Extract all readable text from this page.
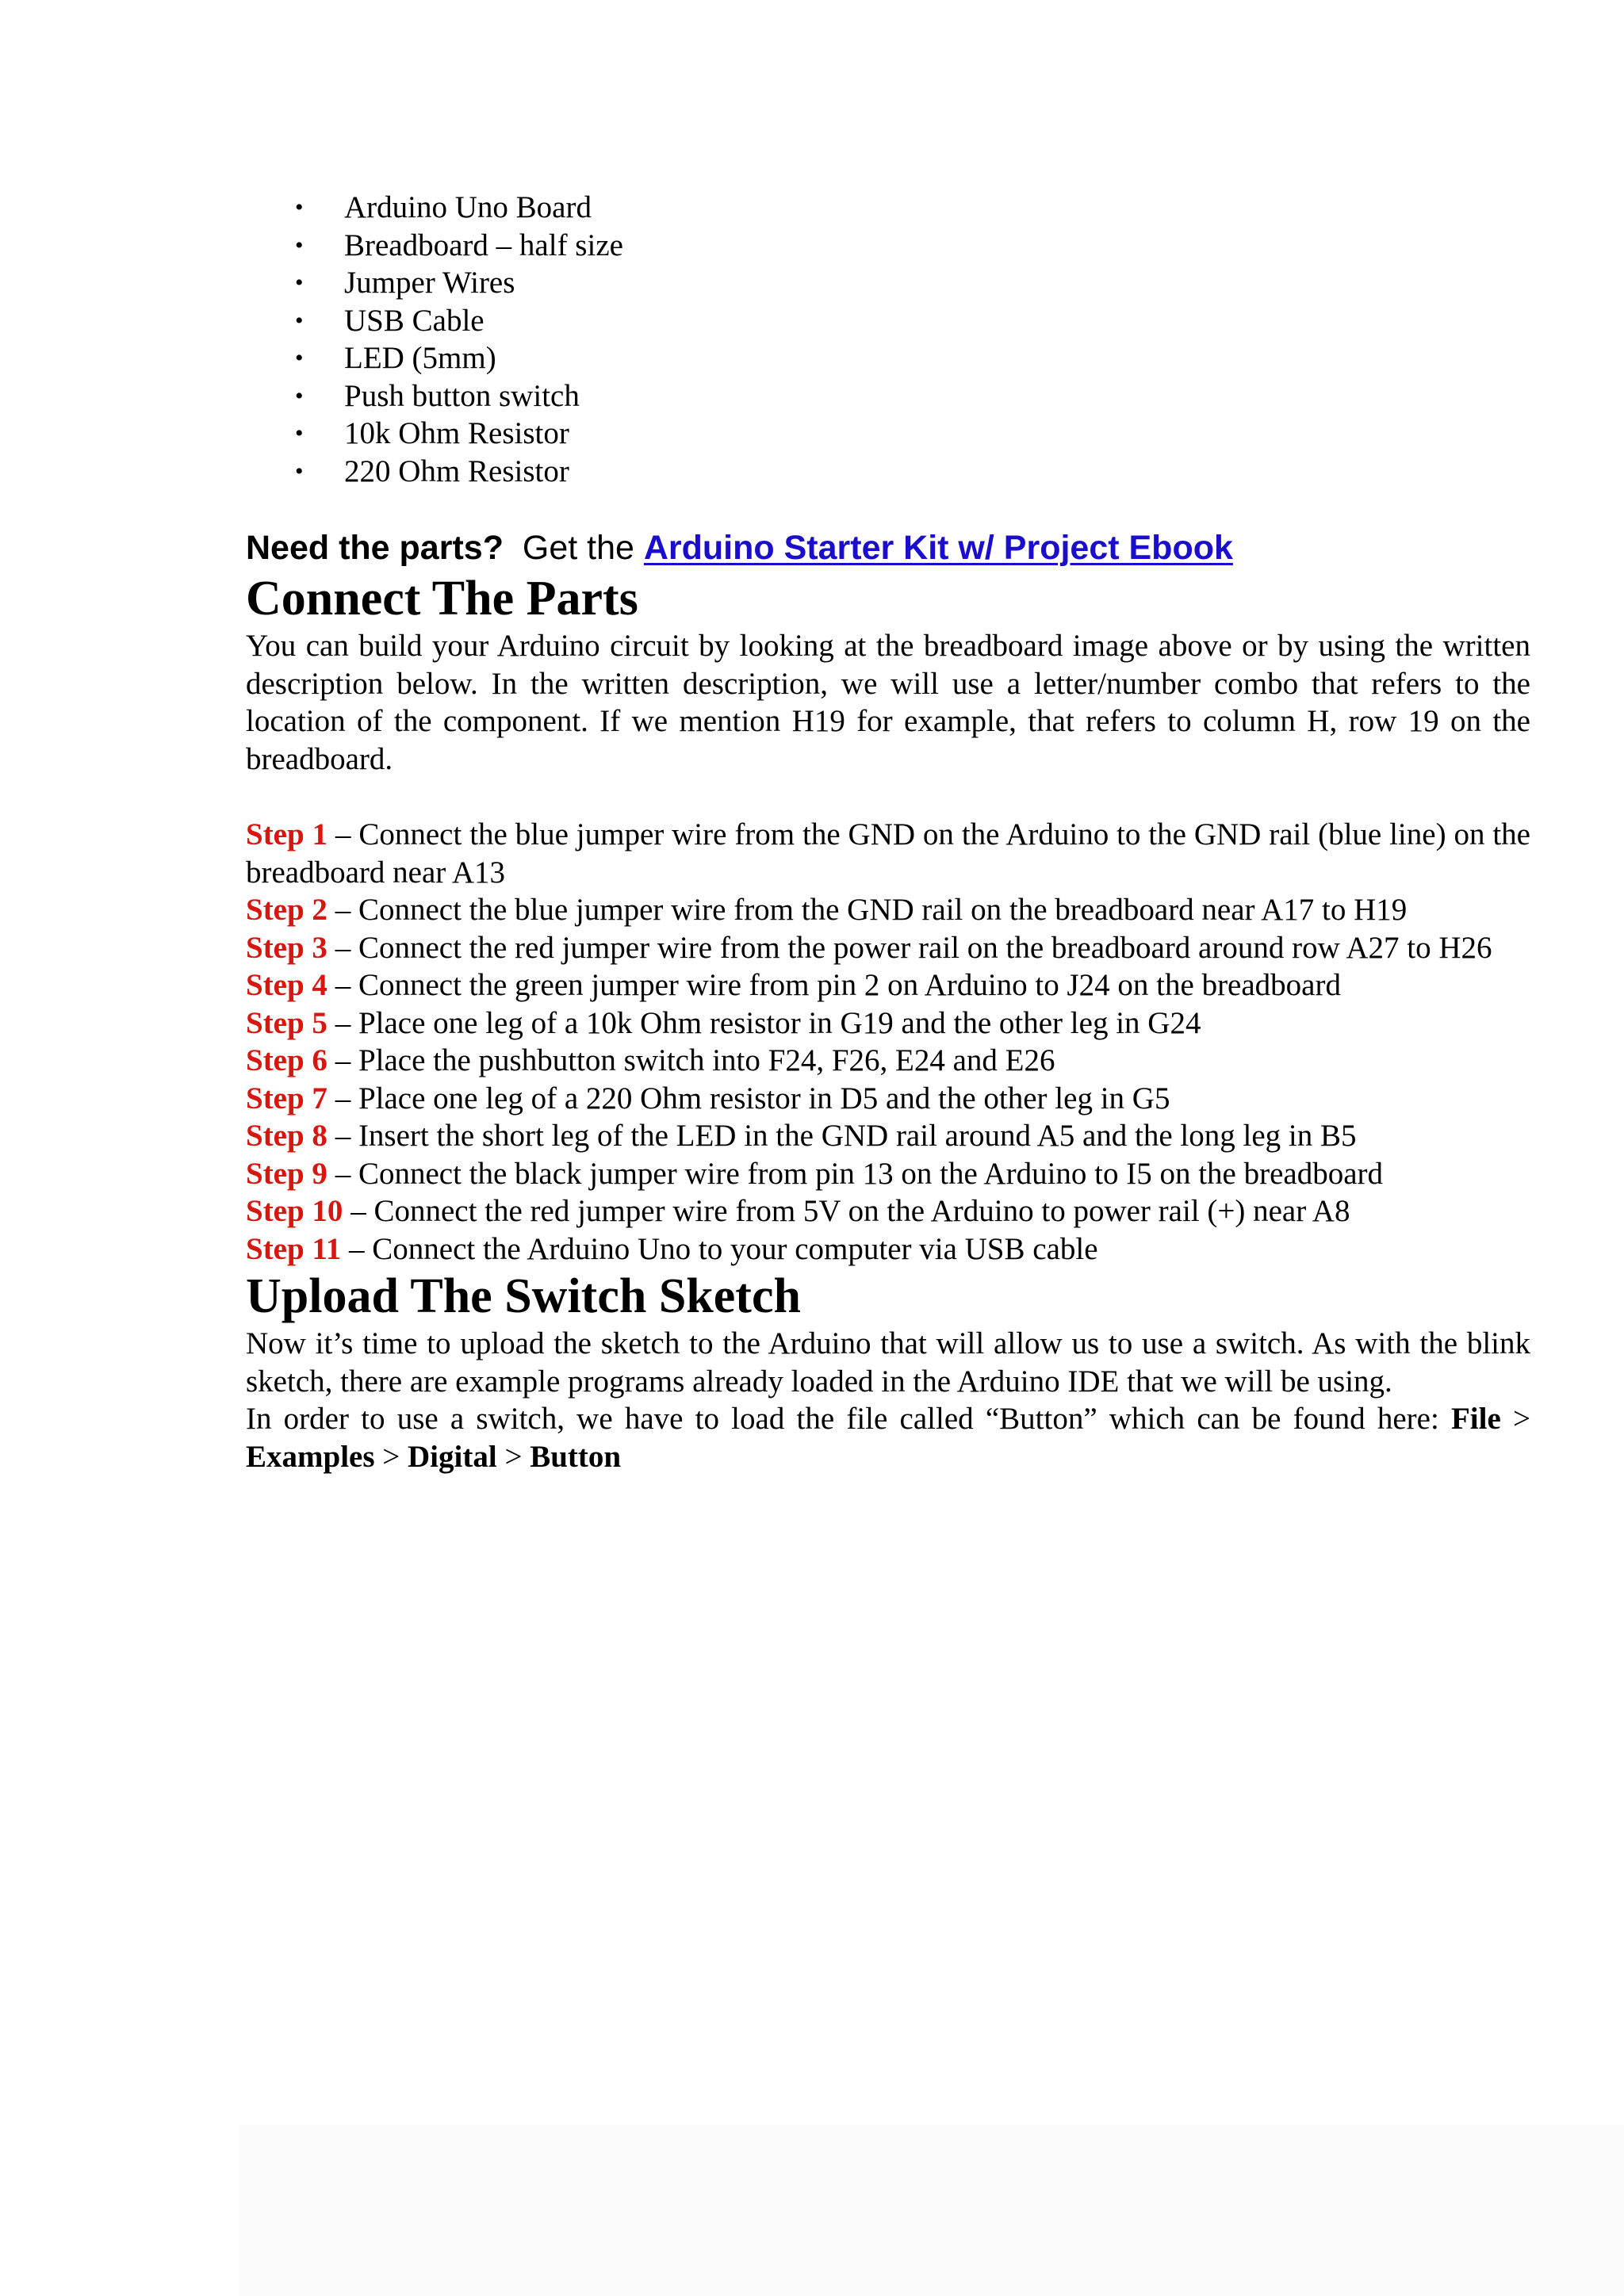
• Arduino Uno Board
• Breadboard – half size
• Jumper Wires
• USB Cable
• LED (5mm)
• Push button switch
• 10k Ohm Resistor
• 220 Ohm Resistor
Need the parts? Get the Arduino Starter Kit w/ Project Ebook
Connect The Parts

You can build your Arduino circuit by looking at the breadboard image above or by using the written description below. In the written description, we will use a letter/number combo that refers to the location of the component. If we mention H19 for example, that refers to column H, row 19 on the breadboard.

Step 1 – Connect the blue jumper wire from the GND on the Arduino to the GND rail (blue line) on the breadboard near A13

Step 2 – Connect the blue jumper wire from the GND rail on the breadboard near A17 to H19

Step 3 – Connect the red jumper wire from the power rail on the breadboard around row A27 to H26

Step 4 – Connect the green jumper wire from pin 2 on Arduino to J24 on the breadboard

Step 5 – Place one leg of a 10k Ohm resistor in G19 and the other leg in G24

Step 6 – Place the pushbutton switch into F24, F26, E24 and E26

Step 7 – Place one leg of a 220 Ohm resistor in D5 and the other leg in G5

Step 8 – Insert the short leg of the LED in the GND rail around A5 and the long leg in B5

Step 9 – Connect the black jumper wire from pin 13 on the Arduino to I5 on the breadboard

Step 10 – Connect the red jumper wire from 5V on the Arduino to power rail (+) near A8

Step 11 – Connect the Arduino Uno to your computer via USB cable

Upload The Switch Sketch

Now it’s time to upload the sketch to the Arduino that will allow us to use a switch. As with the blink sketch, there are example programs already loaded in the Arduino IDE that we will be using.

In order to use a switch, we have to load the file called “Button” which can be found here: File > Examples > Digital > Button
